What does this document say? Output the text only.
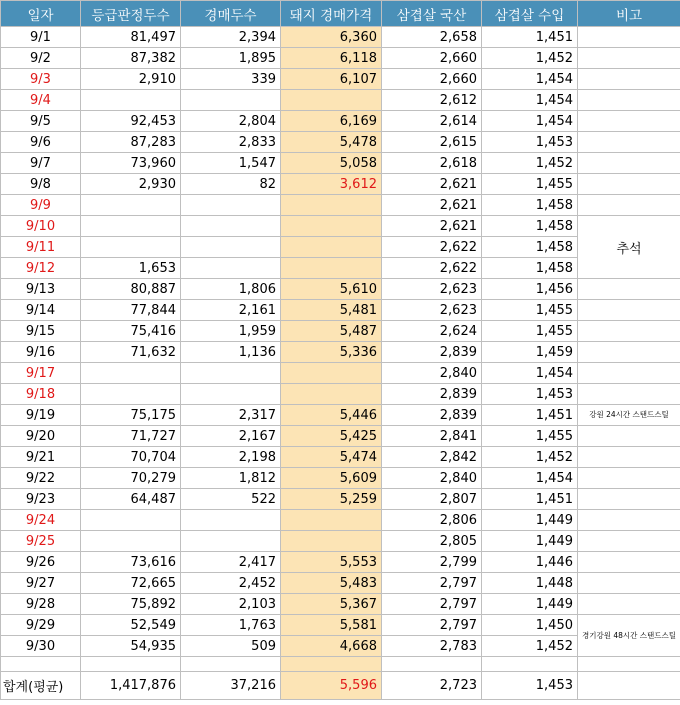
일자	등급판정두수	경매두수	돼지 경매가격	삼겹살 국산	삼겹살 수입	비고	
9/1	81,497	2,394	6,360	2,658	1,451		
9/2	87,382	1,895	6,118	2,660	1,452		
9/3	2,910	339	6,107	2,660	1,454		
9/4				2,612	1,454		
9/5	92,453	2,804	6,169	2,614	1,454		
9/6	87,283	2,833	5,478	2,615	1,453		
9/7	73,960	1,547	5,058	2,618	1,452		
9/8	2,930	82	3,612	2,621	1,455		
9/9				2,621	1,458		
9/10				2,621	1,458	추석	
9/11				2,622	1,458		
9/12	1,653			2,622	1,458		
9/13	80,887	1,806	5,610	2,623	1,456		
9/14	77,844	2,161	5,481	2,623	1,455		
9/15	75,416	1,959	5,487	2,624	1,455		
9/16	71,632	1,136	5,336	2,839	1,459		
9/17				2,840	1,454		
9/18				2,839	1,453		
9/19	75,175	2,317	5,446	2,839	1,451	강원 24시간 스탠드스틸	
9/20	71,727	2,167	5,425	2,841	1,455		
9/21	70,704	2,198	5,474	2,842	1,452		
9/22	70,279	1,812	5,609	2,840	1,454		
9/23	64,487	522	5,259	2,807	1,451		
9/24				2,806	1,449		
9/25				2,805	1,449		
9/26	73,616	2,417	5,553	2,799	1,446		
9/27	72,665	2,452	5,483	2,797	1,448		
9/28	75,892	2,103	5,367	2,797	1,449		
9/29	52,549	1,763	5,581	2,797	1,450	경기강원 48시간 스탠드스틸	
9/30	54,935	509	4,668	2,783	1,452		

합계(평균)	1,417,876	37,216	5,596	2,723	1,453		
